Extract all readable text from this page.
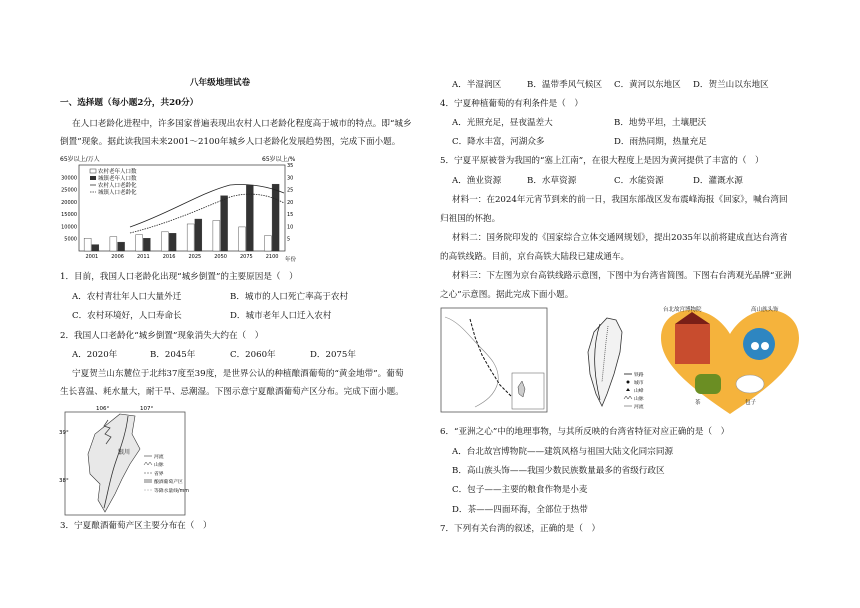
八年级地理试卷
一、选择题（每小题2分，共20分）
在人口老龄化进程中，许多国家普遍表现出农村人口老龄化程度高于城市的特点。即“城乡
倒置”现象。据此读我国未来2001～2100年城乡人口老龄化发展趋势图，完成下面小题。
65岁以上/万人	65岁以上/%
5000
10000
15000
20000
25000
30000
5
10
15
20
25
30
35
2001	2006	2011	2016	2025	2050	2075	2100 年份
农村老年人口数
城镇老年人口数
农村人口老龄化
城镇人口老龄化
1．目前，我国人口老龄化出现“城乡倒置”的主要原因是（　）
A．农村青壮年人口大量外迁	B．城市的人口死亡率高于农村
C．农村环境好，人口寿命长	D．城市老年人口迁入农村
2．我国人口老龄化“城乡倒置”现象消失大约在（　）
A．2020年	B．2045年	C．2060年	D．2075年
宁夏贺兰山东麓位于北纬37度至39度，是世界公认的种植酿酒葡萄的“黄金地带”。葡萄
生长喜温、耗水量大，耐干旱、忌潮湿。下图示意宁夏酿酒葡萄产区分布。完成下面小题。
106°	107°
39°
38°
银川
河流
山脉
省界
酿酒葡萄产区
等降水量线/mm
3．宁夏酿酒葡萄产区主要分布在（　）
A．半湿润区	B．温带季风气候区 C．黄河以东地区 D．贺兰山以东地区
4．宁夏种植葡萄的有利条件是（　）
A．光照充足，昼夜温差大	B．地势平坦，土壤肥沃
C．降水丰富，河湖众多	D．雨热同期，热量充足
5．宁夏平原被誉为我国的“塞上江南”，在很大程度上是因为黄河提供了丰富的（　）
A．渔业资源	B．水草资源	C．水能资源	D．灌溉水源
材料一：在2024年元宵节到来的前一日，我国东部战区发布震峰海报《回家》，喊台湾回
归祖国的怀抱。
材料二：国务院印发的《国家综合立体交通网规划》，提出2035年以前将建成直达台湾省
的高铁线路。目前，京台高铁大陆段已建成通车。
材料三：下左图为京台高铁线路示意图，下图中为台湾省简图。下图右台湾观光品牌“亚洲
之心”示意图。据此完成下面小题。
铁路
城市
山峰
山脉
河流
台北故宫博物院	高山族头饰
茶	包子
6．“亚洲之心”中的地理事物，与其所反映的台湾省特征对应正确的是（　）
A．台北故宫博物院——建筑风格与祖国大陆文化同宗同源
B．高山族头饰——我国少数民族数量最多的省级行政区
C．包子——主要的粮食作物是小麦
D．茶——四面环海，全部位于热带
7．下列有关台湾的叙述，正确的是（　）
